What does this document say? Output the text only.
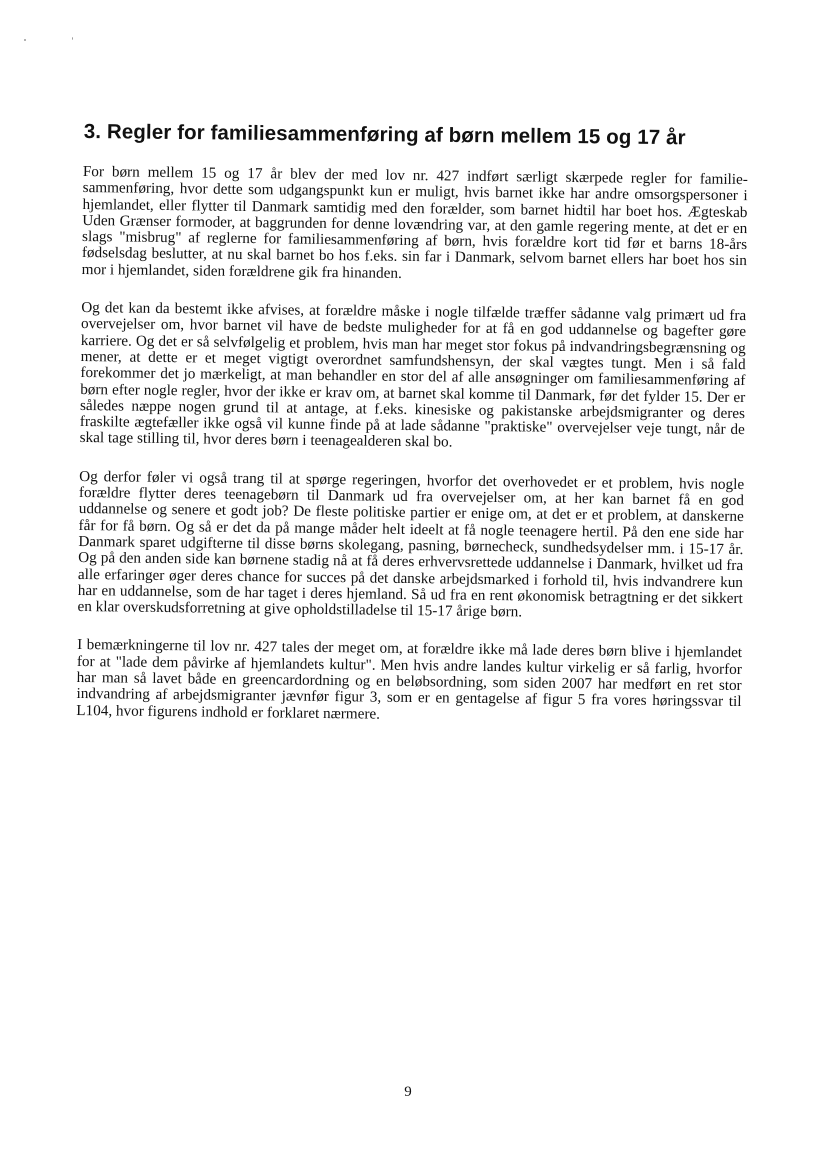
3. Regler for familiesammenføring af børn mellem 15 og 17 år

For børn mellem 15 og 17 år blev der med lov nr. 427 indført særligt skærpede regler for familiesammenføring, hvor dette som udgangspunkt kun er muligt, hvis barnet ikke har andre omsorgspersoner i hjemlandet, eller flytter til Danmark samtidig med den forælder, som barnet hidtil har boet hos. Ægteskab Uden Grænser formoder, at baggrunden for denne lovændring var, at den gamle regering mente, at det er en slags "misbrug" af reglerne for familiesammenføring af børn, hvis forældre kort tid før et barns 18-års fødselsdag beslutter, at nu skal barnet bo hos f.eks. sin far i Danmark, selvom barnet ellers har boet hos sin mor i hjemlandet, siden forældrene gik fra hinanden.

Og det kan da bestemt ikke afvises, at forældre måske i nogle tilfælde træffer sådanne valg primært ud fra overvejelser om, hvor barnet vil have de bedste muligheder for at få en god uddannelse og bagefter gøre karriere. Og det er så selvfølgelig et problem, hvis man har meget stor fokus på indvandringsbegrænsning og mener, at dette er et meget vigtigt overordnet samfundshensyn, der skal vægtes tungt. Men i så fald forekommer det jo mærkeligt, at man behandler en stor del af alle ansøgninger om familiesammenføring af børn efter nogle regler, hvor der ikke er krav om, at barnet skal komme til Danmark, før det fylder 15. Der er således næppe nogen grund til at antage, at f.eks. kinesiske og pakistanske arbejdsmigranter og deres fraskilte ægtefæller ikke også vil kunne finde på at lade sådanne "praktiske" overvejelser veje tungt, når de skal tage stilling til, hvor deres børn i teenagealderen skal bo.

Og derfor føler vi også trang til at spørge regeringen, hvorfor det overhovedet er et problem, hvis nogle forældre flytter deres teenagebørn til Danmark ud fra overvejelser om, at her kan barnet få en god uddannelse og senere et godt job? De fleste politiske partier er enige om, at det er et problem, at danskerne får for få børn. Og så er det da på mange måder helt ideelt at få nogle teenagere hertil. På den ene side har Danmark sparet udgifterne til disse børns skolegang, pasning, børnecheck, sundhedsydelser mm. i 15-17 år. Og på den anden side kan børnene stadig nå at få deres erhvervsrettede uddannelse i Danmark, hvilket ud fra alle erfaringer øger deres chance for succes på det danske arbejdsmarked i forhold til, hvis indvandrere kun har en uddannelse, som de har taget i deres hjemland. Så ud fra en rent økonomisk betragtning er det sikkert en klar overskudsforretning at give opholdstilladelse til 15-17 årige børn.

I bemærkningerne til lov nr. 427 tales der meget om, at forældre ikke må lade deres børn blive i hjemlandet for at "lade dem påvirke af hjemlandets kultur". Men hvis andre landes kultur virkelig er så farlig, hvorfor har man så lavet både en greencardordning og en beløbsordning, som siden 2007 har medført en ret stor indvandring af arbejdsmigranter jævnfør figur 3, som er en gentagelse af figur 5 fra vores høringssvar til L104, hvor figurens indhold er forklaret nærmere.

9
